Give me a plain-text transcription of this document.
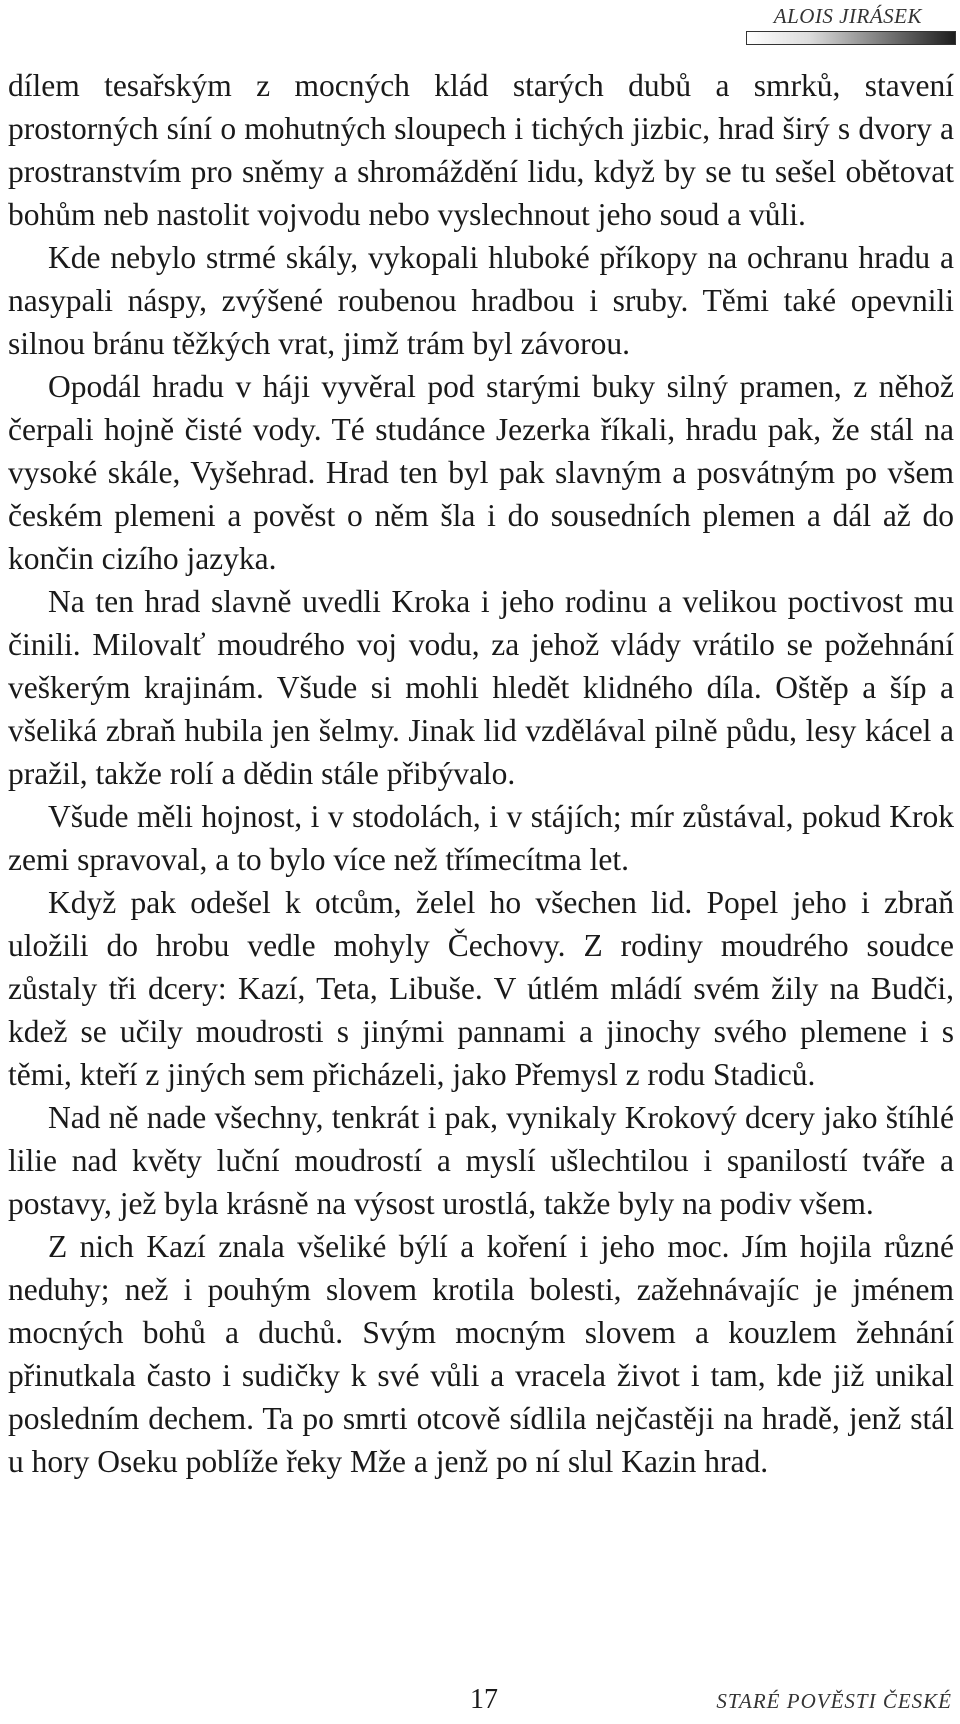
ALOIS JIRÁSEK

dílem tesařským z mocných klád starých dubů a smrků, stavení prostorných síní o mohutných sloupech i tichých jizbic, hrad širý s dvory a prostranstvím pro sněmy a shromáždění lidu, když by se tu sešel obětovat bohům neb nastolit vojvodu nebo vyslechnout jeho soud a vůli.

Kde nebylo strmé skály, vykopali hluboké příkopy na ochranu hradu a nasypali náspy, zvýšené roubenou hradbou i sruby. Těmi také opevnili silnou bránu těžkých vrat, jimž trám byl závorou.

Opodál hradu v háji vyvěral pod starými buky silný pramen, z něhož čerpali hojně čisté vody. Té studánce Jezerka říkali, hradu pak, že stál na vysoké skále, Vyšehrad. Hrad ten byl pak slavným a posvátným po všem českém plemeni a pověst o něm šla i do sousedních plemen a dál až do končin cizího jazyka.

Na ten hrad slavně uvedli Kroka i jeho rodinu a velikou poctivost mu činili. Milovalť moudrého voj vodu, za jehož vlády vrátilo se požehnání veškerým krajinám. Všude si mohli hledět klidného díla. Oštěp a šíp a všeliká zbraň hubila jen šelmy. Jinak lid vzdělával pilně půdu, lesy kácel a pražil, takže rolí a dědin stále přibývalo.

Všude měli hojnost, i v stodolách, i v stájích; mír zůstával, pokud Krok zemi spravoval, a to bylo více než třímecítma let.

Když pak odešel k otcům, želel ho všechen lid. Popel jeho i zbraň uložili do hrobu vedle mohyly Čechovy. Z rodiny moudrého soudce zůstaly tři dcery: Kazí, Teta, Libuše. V útlém mládí svém žily na Budči, kdež se učily moudrosti s jinými pannami a jinochy svého plemene i s těmi, kteří z jiných sem přicházeli, jako Přemysl z rodu Stadiců.

Nad ně nade všechny, tenkrát i pak, vynikaly Krokový dcery jako štíhlé lilie nad květy luční moudrostí a myslí ušlechtilou i spanilostí tváře a postavy, jež byla krásně na výsost urostlá, takže byly na podiv všem.

Z nich Kazí znala všeliké býlí a koření i jeho moc. Jím hojila různé neduhy; než i pouhým slovem krotila bolesti, zažehnávajíc je jménem mocných bohů a duchů. Svým mocným slovem a kouzlem žehnání přinutkala často i sudičky k své vůli a vracela život i tam, kde již unikal posledním dechem. Ta po smrti otcově sídlila nejčastěji na hradě, jenž stál u hory Oseku poblíže řeky Mže a jenž po ní slul Kazin hrad.

17	STARÉ POVĚSTI ČESKÉ
